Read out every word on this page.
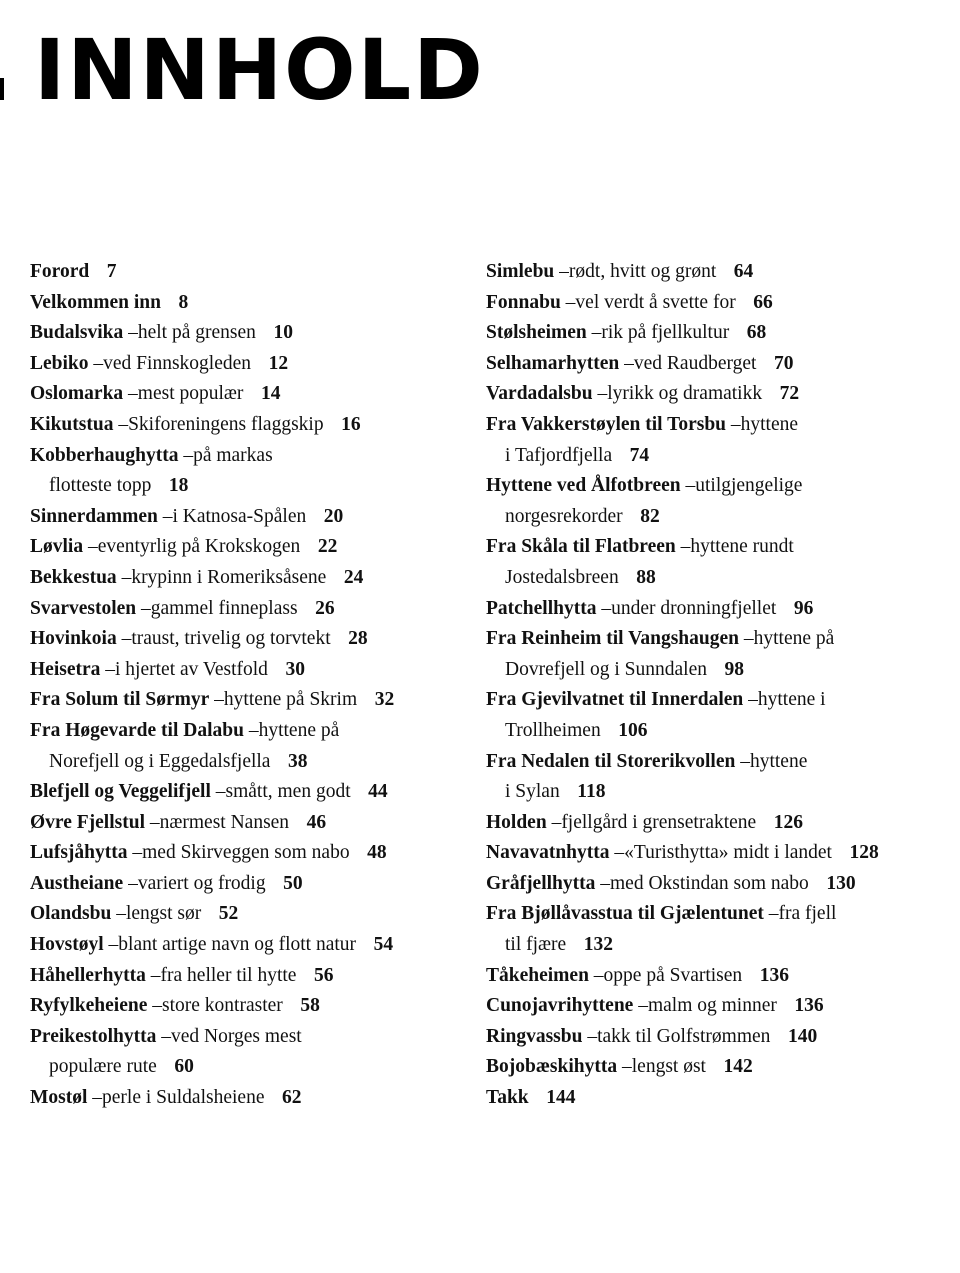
INNHOLD
Forord 7
Velkommen inn 8
Budalsvika – helt på grensen 10
Lebiko – ved Finnskogleden 12
Oslomarka – mest populær 14
Kikutstua – Skiforeningens flaggskip 16
Kobberhaughytta – på markas
flotteste topp 18
Sinnerdammen – i Katnosa-Spålen 20
Løvlia – eventyrlig på Krokskogen 22
Bekkestua – krypinn i Romeriksåsene 24
Svarvestolen – gammel finneplass 26
Hovinkoia – traust, trivelig og torvtekt 28
Heisetra – i hjertet av Vestfold 30
Fra Solum til Sørmyr – hyttene på Skrim 32
Fra Høgevarde til Dalabu – hyttene på
Norefjell og i Eggedalsfjella 38
Blefjell og Veggelifjell – smått, men godt 44
Øvre Fjellstul – nærmest Nansen 46
Lufsjåhytta – med Skirveggen som nabo 48
Austheiane – variert og frodig 50
Olandsbu – lengst sør 52
Hovstøyl – blant artige navn og flott natur 54
Håhellerhytta – fra heller til hytte 56
Ryfylkeheiene – store kontraster 58
Preikestolhytta – ved Norges mest
populære rute 60
Mostøl – perle i Suldalsheiene 62
Simlebu – rødt, hvitt og grønt 64
Fonnabu – vel verdt å svette for 66
Stølsheimen – rik på fjellkultur 68
Selhamarhytten – ved Raudberget 70
Vardadalsbu – lyrikk og dramatikk 72
Fra Vakkerstøylen til Torsbu – hyttene
i Tafjordfjella 74
Hyttene ved Ålfotbreen – utilgjengelige
norgesrekorder 82
Fra Skåla til Flatbreen – hyttene rundt
Jostedalsbreen 88
Patchellhytta – under dronningfjellet 96
Fra Reinheim til Vangshaugen – hyttene på
Dovrefjell og i Sunndalen 98
Fra Gjevilvatnet til Innerdalen – hyttene i
Trollheimen 106
Fra Nedalen til Storerikvollen – hyttene
i Sylan 118
Holden – fjellgård i grensetraktene 126
Navavatnhytta – «Turisthytta» midt i landet 128
Gråfjellhytta – med Okstindan som nabo 130
Fra Bjøllåvasstua til Gjælentunet – fra fjell
til fjære 132
Tåkeheimen – oppe på Svartisen 136
Cunojavrihyttene – malm og minner 136
Ringvassbu – takk til Golfstrømmen 140
Bojobæskihytta – lengst øst 142
Takk 144
